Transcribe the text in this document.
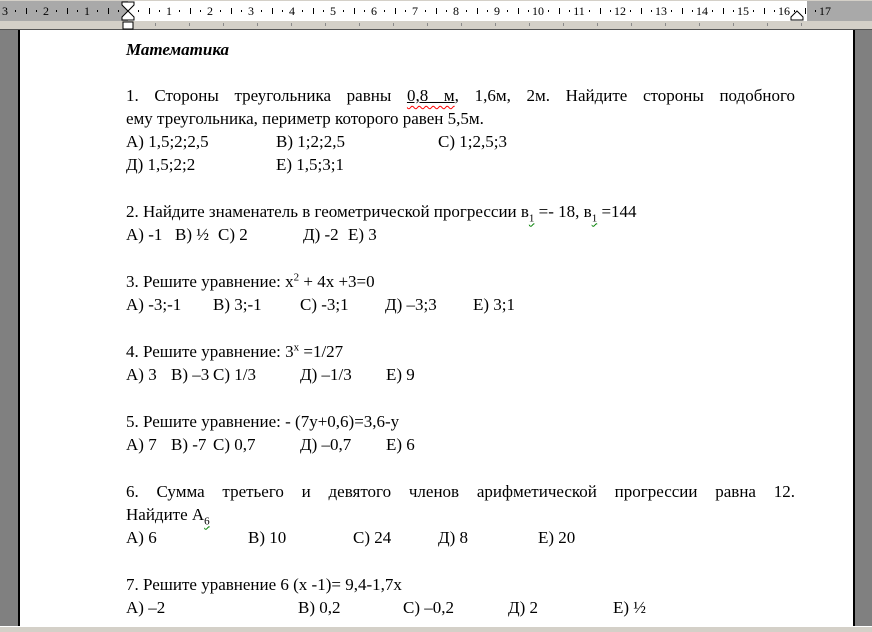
3	2	1	1	2	3	4	5	6	7	8	9	10 11 12 13 14 15 16 17
Математика
1. Стороны треугольника равны 0,8 м, 1,6м, 2м. Найдите стороны подобного
ему треугольника, периметр которого равен 5,5м.
А) 1,5;2;2,5	В) 1;2;2,5	С) 1;2,5;3
Д) 1,5;2;2	Е) 1,5;3;1
2. Найдите знаменатель в геометрической прогрессии $в_1 =- 18$, $в_1 =144$
А) -1 В) ½ С) 2	Д) -2 Е) 3
3. Решите уравнение: $х^2 + 4х +3=0$
А) -3;-1 В) 3;-1 С) -3;1 Д) –3;3 Е) 3;1
4. Решите уравнение: $3^х =1/27$
А) 3 В) –3 С) 1/3	Д) –1/3 Е) 9
5. Решите уравнение: - (7у+0,6)=3,6-у
А) 7 В) -7 С) 0,7	Д) –0,7 Е) 6
6. Сумма третьего и девятого членов арифметической прогрессии равна 12.
Найдите $А_6$
А) 6	В) 10	С) 24	Д) 8	Е) 20
7. Решите уравнение 6 (х -1)= 9,4-1,7х
А) –2	В) 0,2	С) –0,2	Д) 2	Е) ½
